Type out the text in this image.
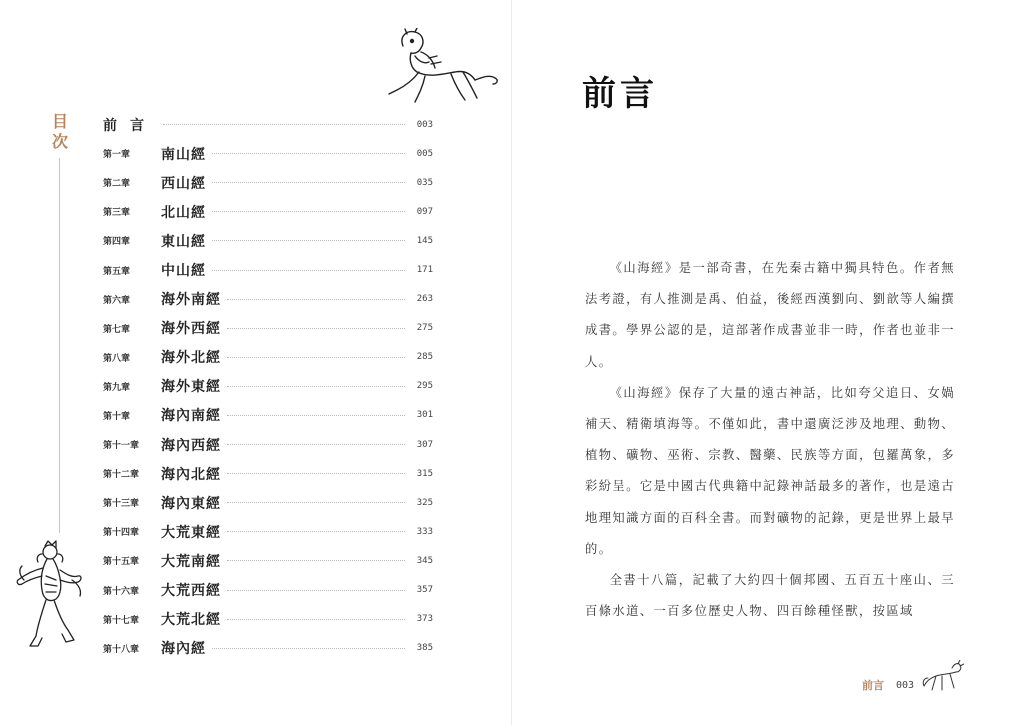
目次
前言	003
第一章	南山經	005
第二章	西山經	035
第三章	北山經	097
第四章	東山經	145
第五章	中山經	171
第六章	海外南經	263
第七章	海外西經	275
第八章	海外北經	285
第九章	海外東經	295
第十章	海內南經	301
第十一章	海內西經	307
第十二章	海內北經	315
第十三章	海內東經	325
第十四章	大荒東經	333
第十五章	大荒南經	345
第十六章	大荒西經	357
第十七章	大荒北經	373
第十八章	海內經	385
前言

《山海經》是一部奇書，在先秦古籍中獨具特色。作者無法考證，有人推測是禹、伯益，後經西漢劉向、劉歆等人編撰成書。學界公認的是，這部著作成書並非一時，作者也並非一人。

《山海經》保存了大量的遠古神話，比如夸父追日、女媧補天、精衛填海等。不僅如此，書中還廣泛涉及地理、動物、植物、礦物、巫術、宗教、醫藥、民族等方面，包羅萬象，多彩紛呈。它是中國古代典籍中記錄神話最多的著作，也是遠古地理知識方面的百科全書。而對礦物的記錄，更是世界上最早的。

全書十八篇，記載了大約四十個邦國、五百五十座山、三百條水道、一百多位歷史人物、四百餘種怪獸，按區域

前言 003
